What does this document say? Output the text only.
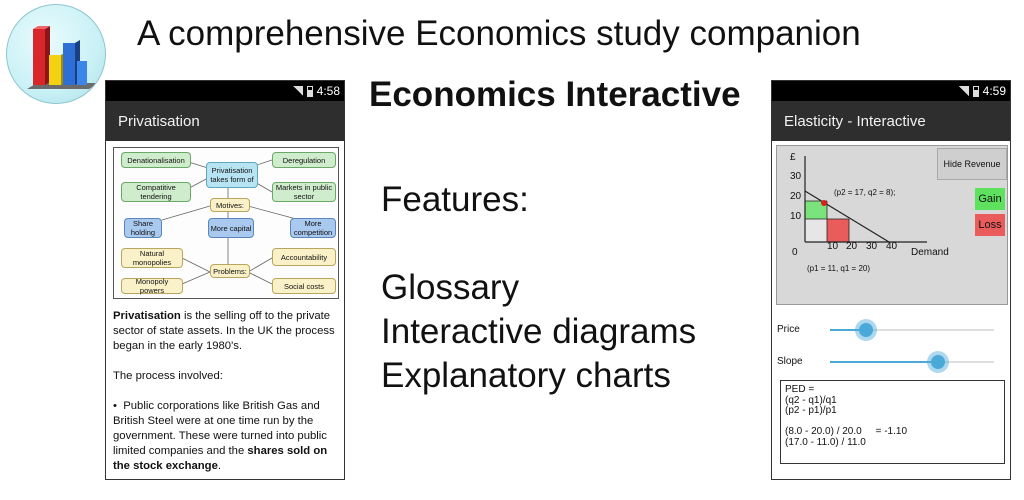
A comprehensive Economics study companion
Economics Interactive
Features:
Glossary
Interactive diagrams
Explanatory charts
4:58
Privatisation
Denationalisation
Compatitive tendering
Privatisation takes form of
Deregulation
Markets in public sector
Motives:
Share holding	More capital	More competition
Problems:
Natural monopolies
Monopoly powers
Accountability
Social costs

Privatisation is the selling off to the private sector of state assets. In the UK the process began in the early 1980's.

The process involved:

•  Public corporations like British Gas and British Steel were at one time run by the government. These were turned into public limited companies and the shares sold on the stock exchange.
4:59
Elasticity - Interactive
£
30
20
10
0
10 20 30 40
Demand
(p2 = 17, q2 = 8);
(p1 = 11, q1 = 20)
Hide Revenue
Gain
Loss
Price
Slope
PED =
(q2 - q1)/q1
(p2 - p1)/p1

(8.0 - 20.0) / 20.0     = -1.10
(17.0 - 11.0) / 11.0
